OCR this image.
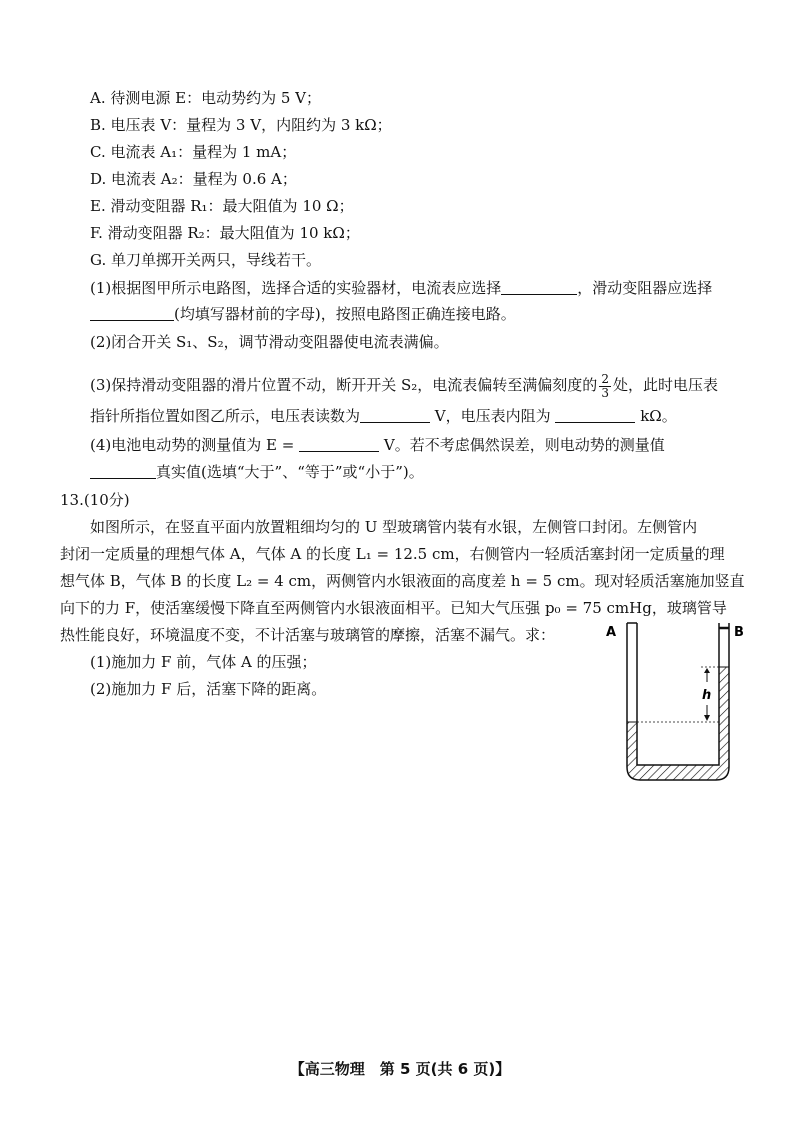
A. 待测电源 E：电动势约为 5 V；
B. 电压表 V：量程为 3 V，内阻约为 3 kΩ；
C. 电流表 A₁：量程为 1 mA；
D. 电流表 A₂：量程为 0.6 A；
E. 滑动变阻器 R₁：最大阻值为 10 Ω；
F. 滑动变阻器 R₂：最大阻值为 10 kΩ；
G. 单刀单掷开关两只，导线若干。
(1)根据图甲所示电路图，选择合适的实验器材，电流表应选择	，滑动变阻器应选择
(均填写器材前的字母)，按照电路图正确连接电路。
(2)闭合开关 S₁、S₂，调节滑动变阻器使电流表满偏。
(3)保持滑动变阻器的滑片位置不动，断开开关 S₂，电流表偏转至满偏刻度的 $\frac{2}{3}$ 处，此时电压表
指针所指位置如图乙所示，电压表读数为	V，电压表内阻为	kΩ。
(4)电池电动势的测量值为 E =	V。若不考虑偶然误差，则电动势的测量值
真实值(选填“大于”、“等于”或“小于”)。
13.(10分)
如图所示，在竖直平面内放置粗细均匀的 U 型玻璃管内装有水银，左侧管口封闭。左侧管内
封闭一定质量的理想气体 A，气体 A 的长度 L₁ = 12.5 cm，右侧管内一轻质活塞封闭一定质量的理
想气体 B，气体 B 的长度 L₂ = 4 cm，两侧管内水银液面的高度差 h = 5 cm。现对轻质活塞施加竖直
向下的力 F，使活塞缓慢下降直至两侧管内水银液面相平。已知大气压强 p₀ = 75 cmHg，玻璃管导
热性能良好，环境温度不变，不计活塞与玻璃管的摩擦，活塞不漏气。求：
(1)施加力 F 前，气体 A 的压强；
(2)施加力 F 后，活塞下降的距离。	h
A	B
【高三物理　第 5 页(共 6 页)】
